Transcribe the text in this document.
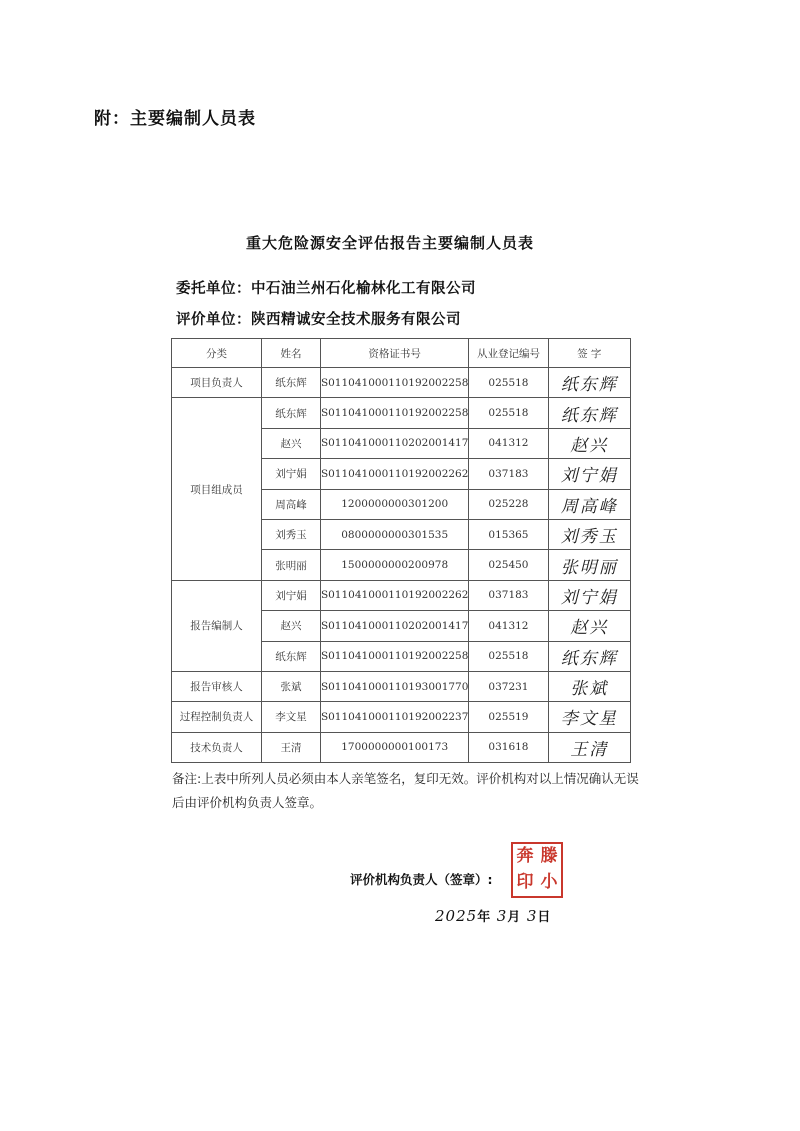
附：主要编制人员表
重大危险源安全评估报告主要编制人员表
委托单位：中石油兰州石化榆林化工有限公司
评价单位：陕西精诚安全技术服务有限公司
分类	姓名	资格证书号	从业登记编号	签 字
项目负责人	纸东辉	S011041000110192002258	025518	纸东辉
项目组成员	纸东辉	S011041000110192002258	025518	纸东辉
	赵兴	S011041000110202001417	041312	赵兴
	刘宁娟	S011041000110192002262	037183	刘宁娟
	周高峰	1200000000301200	025228	周高峰
	刘秀玉	0800000000301535	015365	刘秀玉
	张明丽	1500000000200978	025450	张明丽
报告编制人	刘宁娟	S011041000110192002262	037183	刘宁娟
	赵兴	S011041000110202001417	041312	赵兴
	纸东辉	S011041000110192002258	025518	纸东辉
报告审核人	张斌	S011041000110193001770	037231	张斌
过程控制负责人	李文星	S011041000110192002237	025519	李文星
技术负责人	王清	1700000000100173	031618	王清
备注:上表中所列人员必须由本人亲笔签名，复印无效。评价机构对以上情况确认无误后由评价机构负责人签章。
评价机构负责人（签章）:
奔 滕
印 小
2025年 3月 3日
